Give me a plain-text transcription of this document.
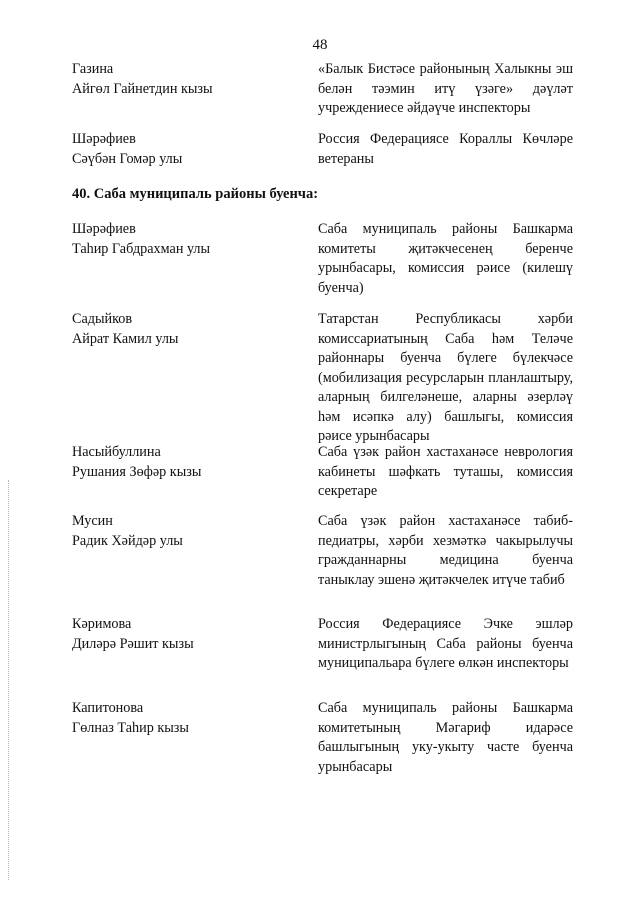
48
Газина
Айгөл Гайнетдин кызы
«Балык Бистәсе районының Халыкны эш белән тәэмин итү үзәге» дәүләт учреждениесе әйдәүче инспекторы
Шәрәфиев
Сәүбән Гомәр улы
Россия Федерациясе Кораллы Көчләре ветераны
40. Саба муниципаль районы буенча:
Шәрәфиев
Таһир Габдрахман улы
Саба муниципаль районы Башкарма комитеты җитәкчесенең беренче урынбасары, комиссия рәисе (килешү буенча)
Садыйков
Айрат Камил улы
Татарстан Республикасы хәрби комиссариатының Саба һәм Теләче районнары буенча бүлеге бүлекчәсе (мобилизация ресурсларын планлаштыру, аларның билгеләнеше, аларны әзерләү һәм исәпкә алу) башлыгы, комиссия рәисе урынбасары
Насыйбуллина
Рушания Зөфәр кызы
Саба үзәк район хастаханәсе неврология кабинеты шәфкать туташы, комиссия секретаре
Мусин
Радик Хәйдәр улы
Саба үзәк район хастаханәсе табиб-педиатры, хәрби хезмәткә чакырылучы гражданнарны медицина буенча таныклау эшенә җитәкчелек итүче табиб
Кәримова
Диләрә Рәшит кызы
Россия Федерациясе Эчке эшләр министрлыгының Саба районы буенча муниципальара бүлеге өлкән инспекторы
Капитонова
Гөлназ Таһир кызы
Саба муниципаль районы Башкарма комитетының Мәгариф идарәсе башлыгының уку-укыту часте буенча урынбасары
